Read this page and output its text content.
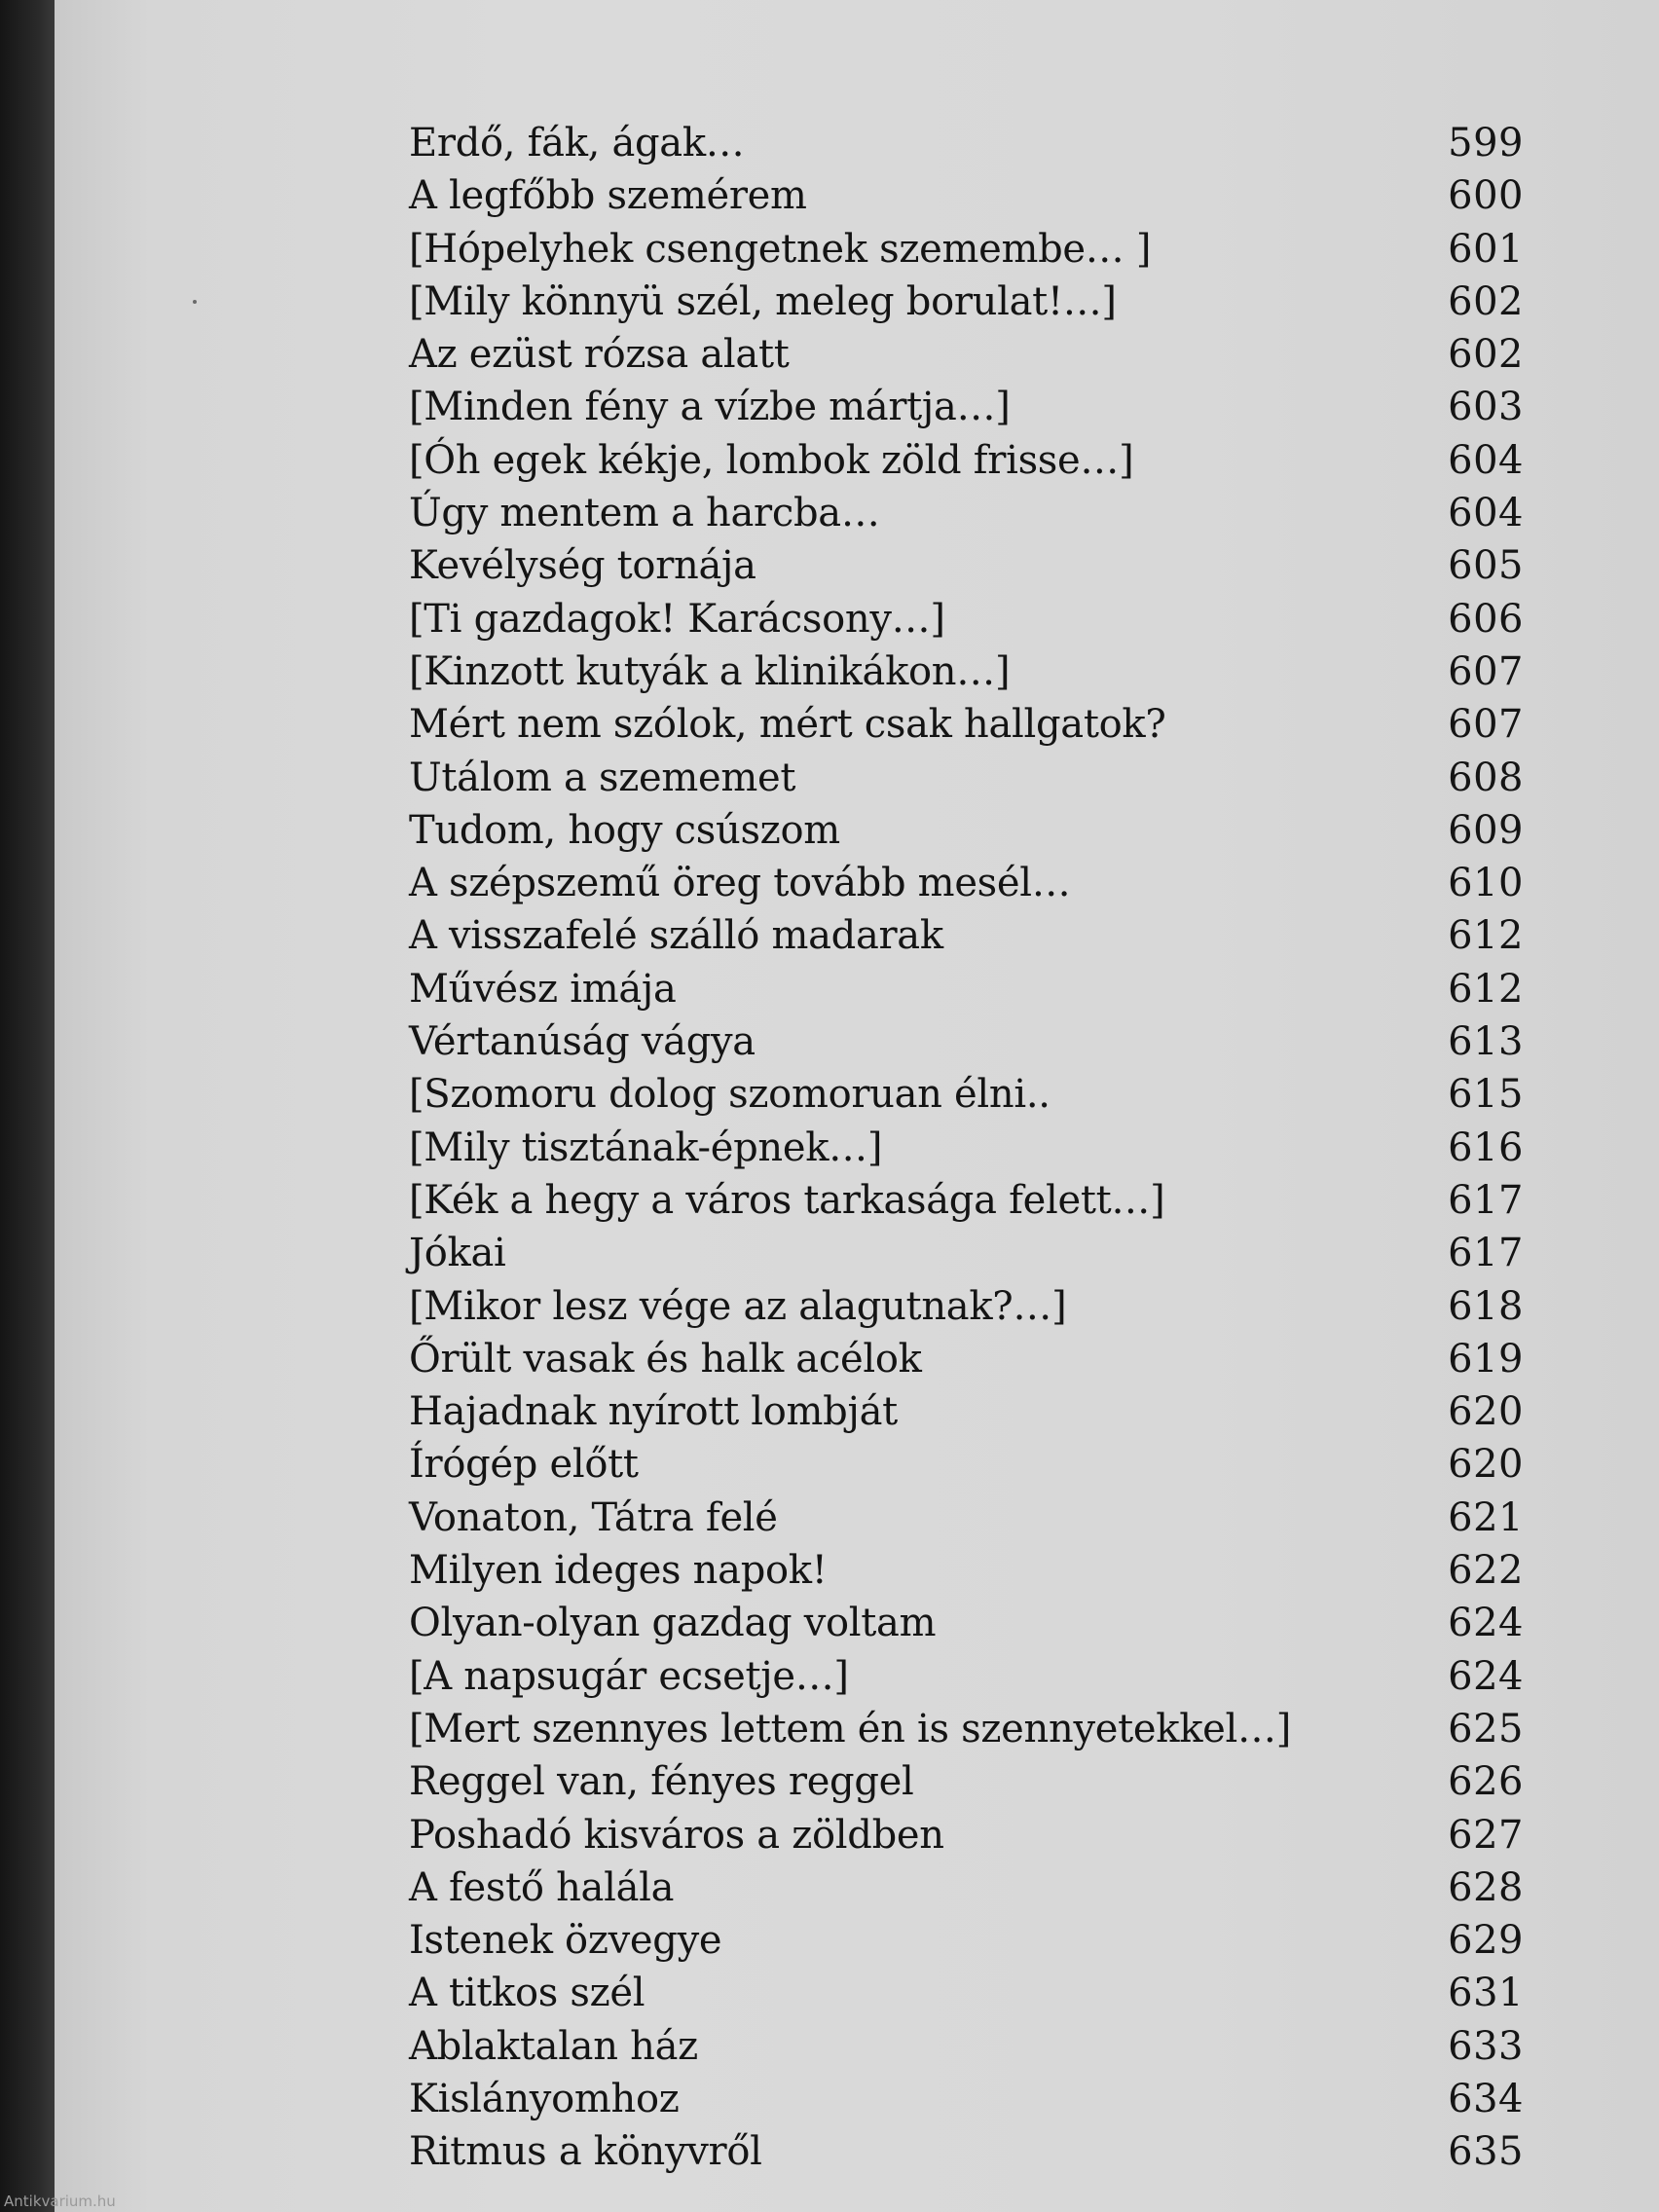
Erdő, fák, ágak…	599
A legfőbb szemérem	600
[Hópelyhek csengetnek szemembe… ]	601
[Mily könnyü szél, meleg borulat!…]	602
Az ezüst rózsa alatt	602
[Minden fény a vízbe mártja…]	603
[Óh egek kékje, lombok zöld frisse…]	604
Úgy mentem a harcba…	604
Kevélység tornája	605
[Ti gazdagok! Karácsony…]	606
[Kinzott kutyák a klinikákon…]	607
Mért nem szólok, mért csak hallgatok?	607
Utálom a szememet	608
Tudom, hogy csúszom	609
A szépszemű öreg tovább mesél…	610
A visszafelé szálló madarak	612
Művész imája	612
Vértanúság vágya	613
[Szomoru dolog szomoruan élni..	615
[Mily tisztának-épnek…]	616
[Kék a hegy a város tarkasága felett…]	617
Jókai	617
[Mikor lesz vége az alagutnak?…]	618
Őrült vasak és halk acélok	619
Hajadnak nyírott lombját	620
Írógép előtt	620
Vonaton, Tátra felé	621
Milyen ideges napok!	622
Olyan-olyan gazdag voltam	624
[A napsugár ecsetje…]	624
[Mert szennyes lettem én is szennyetekkel…]	625
Reggel van, fényes reggel	626
Poshadó kisváros a zöldben	627
A festő halála	628
Istenek özvegye	629
A titkos szél	631
Ablaktalan ház	633
Kislányomhoz	634
Ritmus a könyvről	635
Antikvarium.hu
